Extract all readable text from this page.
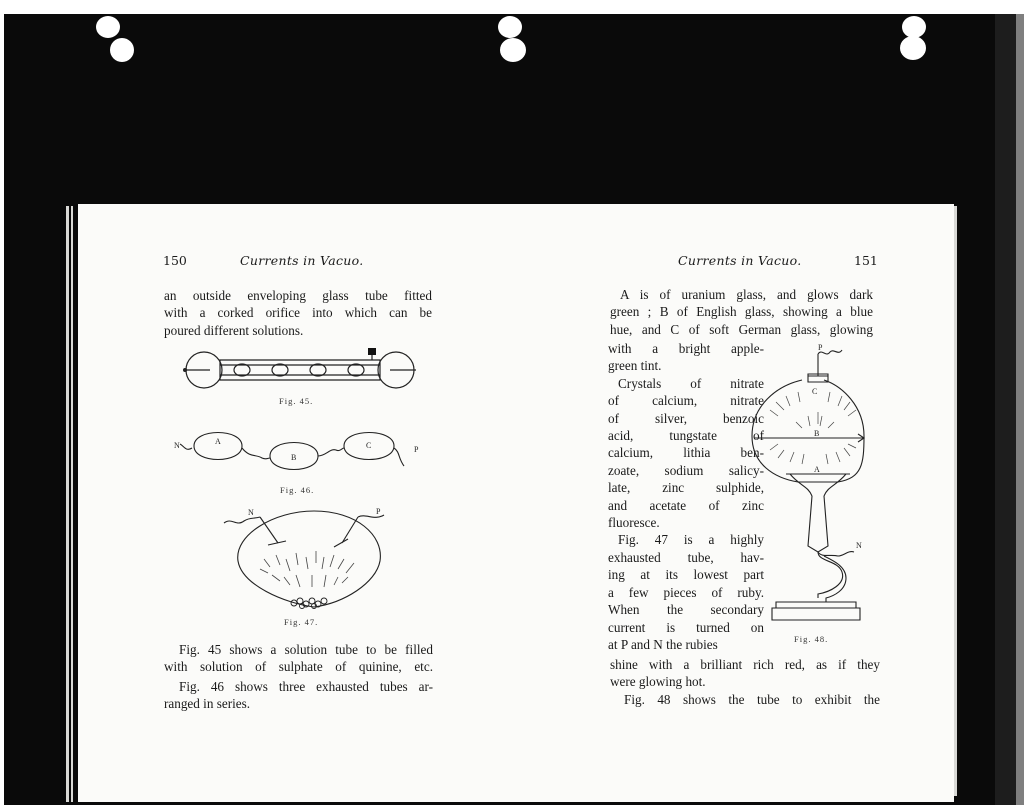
150	Currents in Vacuo.
an outside enveloping glass tube fitted
with a corked orifice into which can be
poured different solutions.
Fig. 45.
N	A
B
C	P
Fig. 46.
N	P
Fig. 47.
Fig. 45 shows a solution tube to be filled
with solution of sulphate of quinine, etc.
Fig. 46 shows three exhausted tubes ar-
ranged in series.
Currents in Vacuo.	151
A is of uranium glass, and glows dark
green ; B of English glass, showing a blue
hue, and C of soft German glass, glowing
with a bright apple-
green tint.
Crystals of nitrate
of calcium, nitrate
of silver, benzoic
acid, tungstate of
calcium, lithia ben-
zoate, sodium salicy-
late, zinc sulphide,
and acetate of zinc
fluoresce.
Fig. 47 is a highly
exhausted tube, hav-
ing at its lowest part
a few pieces of ruby.
When the secondary
current is turned on
at P and N the rubies
shine with a brilliant rich red, as if they
were glowing hot.
Fig. 48 shows the tube to exhibit the
P
C
B
A
N
Fig. 48.
